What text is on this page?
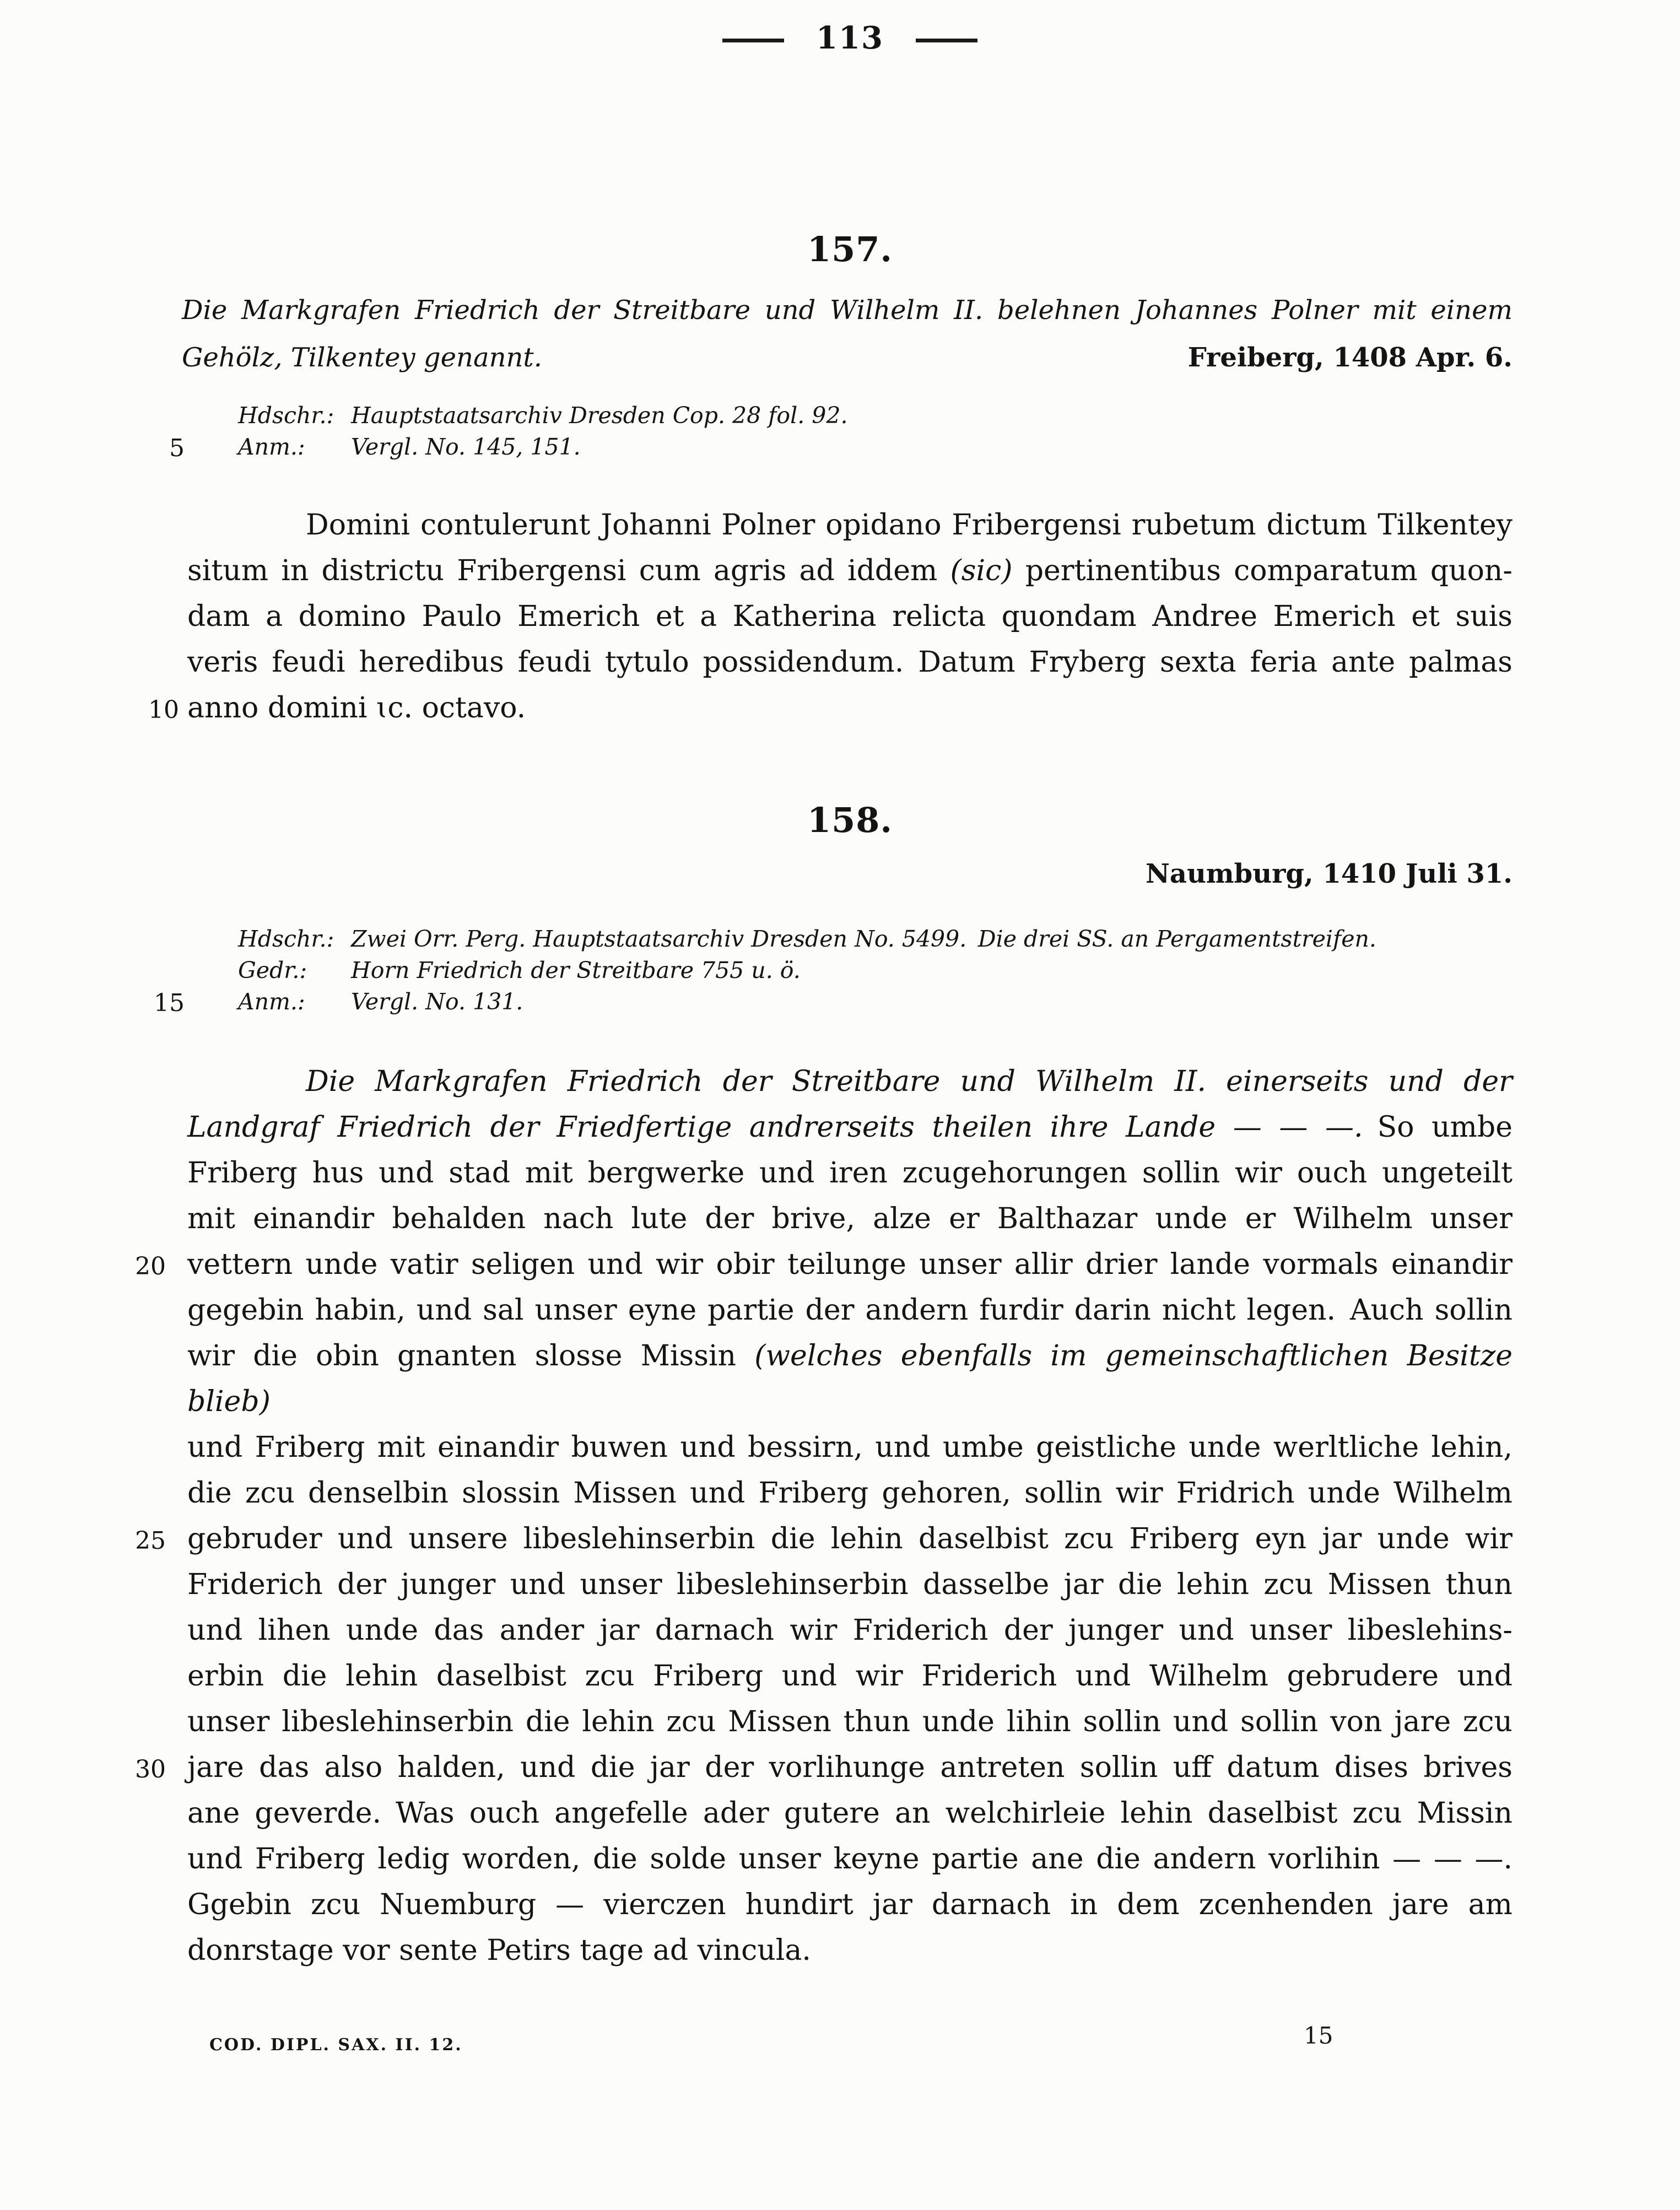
113
157.
Die Markgrafen Friedrich der Streitbare und Wilhelm II. belehnen Johannes Polner mit einem
Gehölz, Tilkentey genannt.	Freiberg, 1408 Apr. 6.
Hdschr.: Hauptstaatsarchiv Dresden Cop. 28 fol. 92.
5 Anm.: Vergl. No. 145, 151.
Domini contulerunt Johanni Polner opidano Fribergensi rubetum dictum Tilkentey
situm in districtu Fribergensi cum agris ad iddem (sic) pertinentibus comparatum quon-
dam a domino Paulo Emerich et a Katherina relicta quondam Andree Emerich et suis
veris feudi heredibus feudi tytulo possidendum. Datum Fryberg sexta feria ante palmas
10 anno domini ɩc. octavo.
158.
Naumburg, 1410 Juli 31.
Hdschr.: Zwei Orr. Perg. Hauptstaatsarchiv Dresden No. 5499. Die drei SS. an Pergamentstreifen.
Gedr.: Horn Friedrich der Streitbare 755 u. ö.
15 Anm.: Vergl. No. 131.
Die Markgrafen Friedrich der Streitbare und Wilhelm II. einerseits und der
Landgraf Friedrich der Friedfertige andrerseits theilen ihre Lande — — —. So umbe
Friberg hus und stad mit bergwerke und iren zcugehorungen sollin wir ouch ungeteilt
mit einandir behalden nach lute der brive, alze er Balthazar unde er Wilhelm unser
20 vettern unde vatir seligen und wir obir teilunge unser allir drier lande vormals einandir
gegebin habin, und sal unser eyne partie der andern furdir darin nicht legen. Auch sollin
wir die obin gnanten slosse Missin (welches ebenfalls im gemeinschaftlichen Besitze blieb)
und Friberg mit einandir buwen und bessirn, und umbe geistliche unde werltliche lehin,
die zcu denselbin slossin Missen und Friberg gehoren, sollin wir Fridrich unde Wilhelm
25 gebruder und unsere libeslehinserbin die lehin daselbist zcu Friberg eyn jar unde wir
Friderich der junger und unser libeslehinserbin dasselbe jar die lehin zcu Missen thun
und lihen unde das ander jar darnach wir Friderich der junger und unser libeslehins-
erbin die lehin daselbist zcu Friberg und wir Friderich und Wilhelm gebrudere und
unser libeslehinserbin die lehin zcu Missen thun unde lihin sollin und sollin von jare zcu
30 jare das also halden, und die jar der vorlihunge antreten sollin uff datum dises brives
ane geverde. Was ouch angefelle ader gutere an welchirleie lehin daselbist zcu Missin
und Friberg ledig worden, die solde unser keyne partie ane die andern vorlihin — — —.
Ggebin zcu Nuemburg — vierczen hundirt jar darnach in dem zcenhenden jare am
donrstage vor sente Petirs tage ad vincula.
COD. DIPL. SAX. II. 12.	15
